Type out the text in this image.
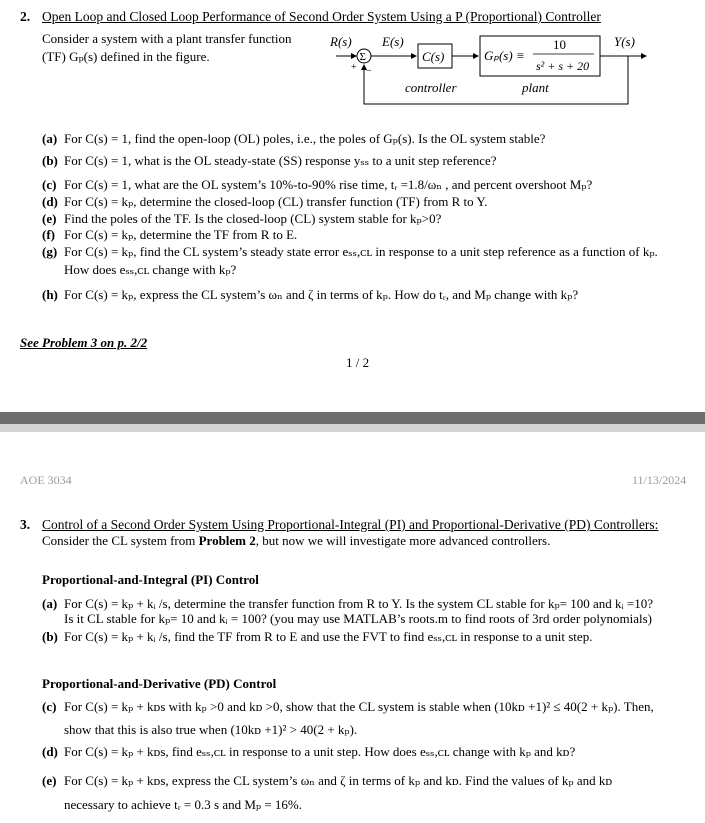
2. Open Loop and Closed Loop Performance of Second Order System Using a P (Proportional) Controller
Consider a system with a plant transfer function
(TF) Gₚ(s) defined in the figure.
R(s)
Σ
+ −
E(s)
C(s)	Gₚ(s) ≡
10
s² + s + 20
Y(s)
controller	plant
(a) For C(s) = 1, find the open-loop (OL) poles, i.e., the poles of Gₚ(s). Is the OL system stable?
(b) For C(s) = 1, what is the OL steady-state (SS) response yₛₛ to a unit step reference?
(c) For C(s) = 1, what are the OL system’s 10%-to-90% rise time, tᵣ =1.8/ωₙ , and percent overshoot Mₚ?
(d) For C(s) = kₚ, determine the closed-loop (CL) transfer function (TF) from R to Y.
(e) Find the poles of the TF. Is the closed-loop (CL) system stable for kₚ>0?
(f) For C(s) = kₚ, determine the TF from R to E.
(g) For C(s) = kₚ, find the CL system’s steady state error eₛₛ,ᴄʟ in response to a unit step reference as a function of kₚ.
How does eₛₛ,ᴄʟ change with kₚ?
(h) For C(s) = kₚ, express the CL system’s ωₙ and ζ in terms of kₚ. How do tᵣ, and Mₚ change with kₚ?
See Problem 3 on p. 2/2
1 / 2
AOE 3034	11/13/2024
3. Control of a Second Order System Using Proportional-Integral (PI) and Proportional-Derivative (PD) Controllers:
Consider the CL system from Problem 2, but now we will investigate more advanced controllers.
Proportional-and-Integral (PI) Control
(a) For C(s) = kₚ + kᵢ /s, determine the transfer function from R to Y. Is the system CL stable for kₚ= 100 and kᵢ =10?
Is it CL stable for kₚ= 10 and kᵢ = 100? (you may use MATLAB’s roots.m to find roots of 3rd order polynomials)
(b) For C(s) = kₚ + kᵢ /s, find the TF from R to E and use the FVT to find eₛₛ,ᴄʟ in response to a unit step.
Proportional-and-Derivative (PD) Control
(c) For C(s) = kₚ + kᴅs with kₚ >0 and kᴅ >0, show that the CL system is stable when (10kᴅ +1)² ≤ 40(2 + kₚ). Then,
show that this is also true when (10kᴅ +1)² > 40(2 + kₚ).
(d) For C(s) = kₚ + kᴅs, find eₛₛ,ᴄʟ in response to a unit step. How does eₛₛ,ᴄʟ change with kₚ and kᴅ?
(e) For C(s) = kₚ + kᴅs, express the CL system’s ωₙ and ζ in terms of kₚ and kᴅ. Find the values of kₚ and kᴅ
necessary to achieve tᵣ = 0.3 s and Mₚ = 16%.
